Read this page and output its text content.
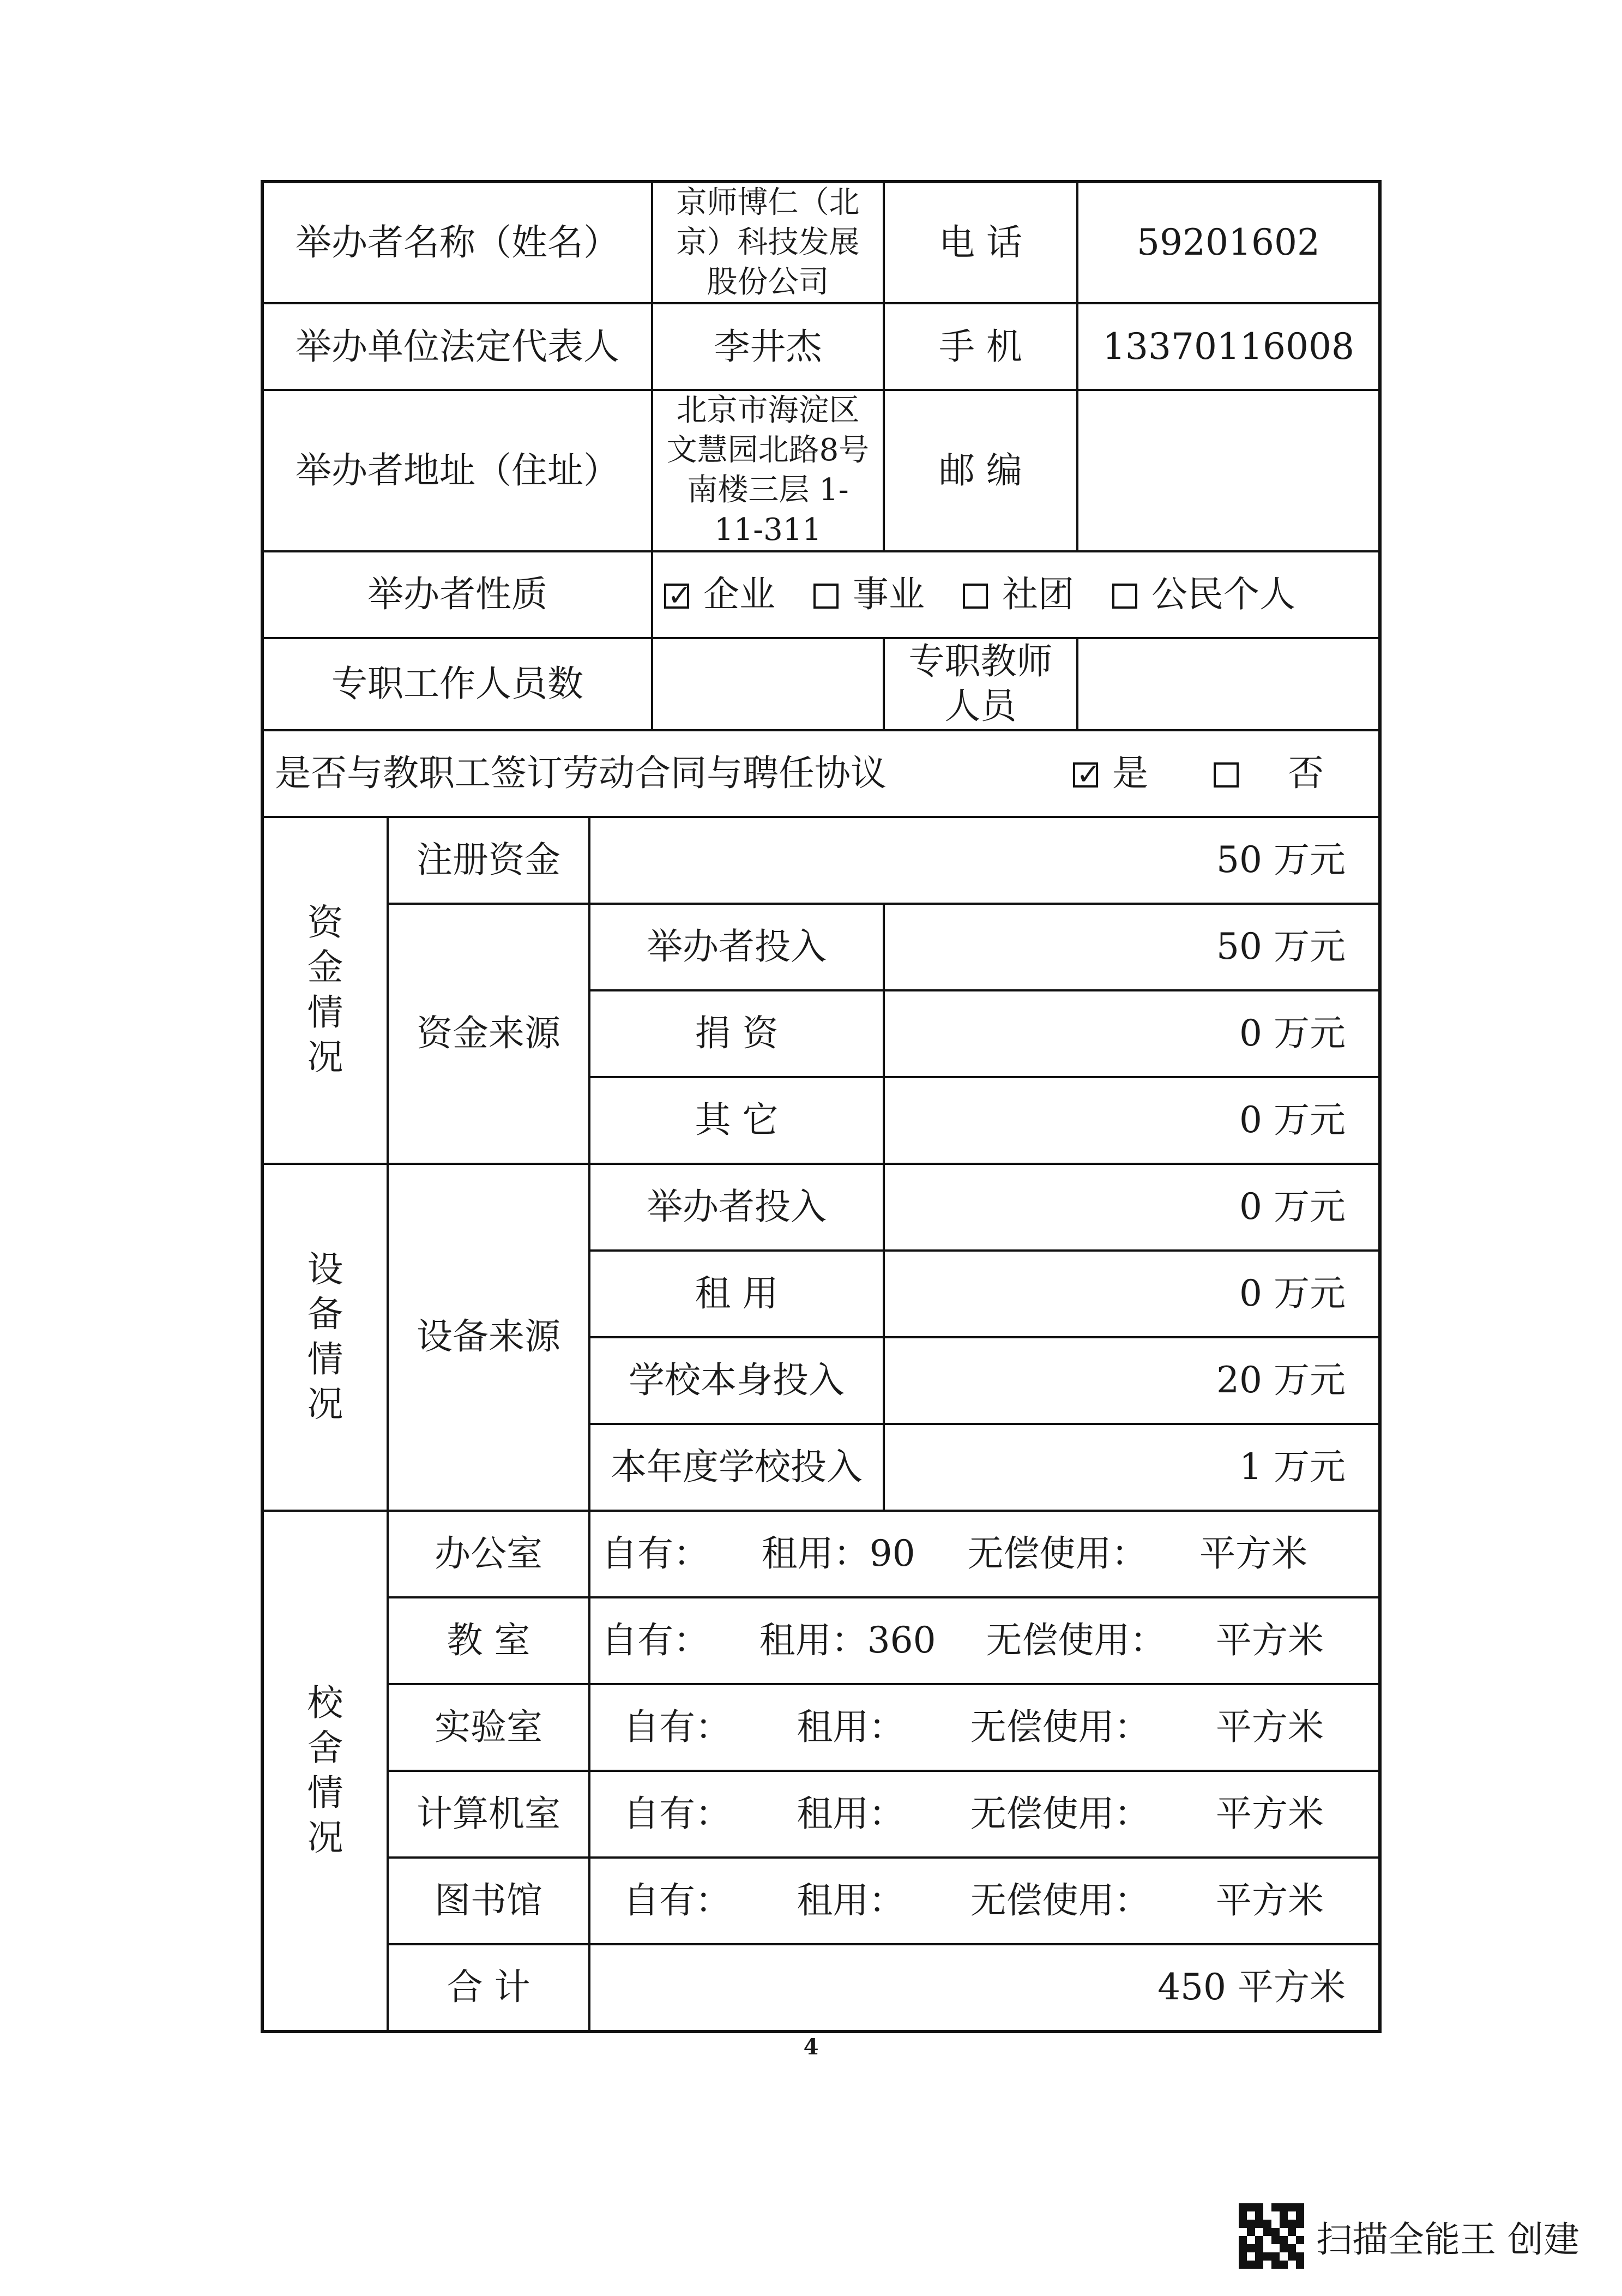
举办者名称（姓名）			京师博仁（北京）科技发展股份公司	电 话	59201602
举办单位法定代表人			李井杰	手 机	13370116008
举办者地址（住址）			北京市海淀区文慧园北路8号南楼三层 1-11-311	邮 编	
举办者性质	✓企业 事业 社团 公民个人
专职工作人员数				专职教师人员	

是否与教职工签订劳动合同与聘任协议 ✓ 是 否

资金情况	注册资金	50 万元			
	资金来源	举办者投入		50 万元	
		捐 资		0 万元	
		其 它		0 万元	

设备情况	设备来源	举办者投入		0 万元	
		租 用		0 万元	
		学校本身投入		20 万元	
		本年度学校投入		1 万元	

校舍情况	办公室	自有： 租用：90 无偿使用： 平方米			

	教 室	自有： 租用：360 无偿使用： 平方米			

	实验室	自有： 租用： 无偿使用： 平方米			

	计算机室	自有： 租用： 无偿使用： 平方米			

	图书馆	自有： 租用： 无偿使用： 平方米			

	合 计	450 平方米			
4
扫描全能王 创建
